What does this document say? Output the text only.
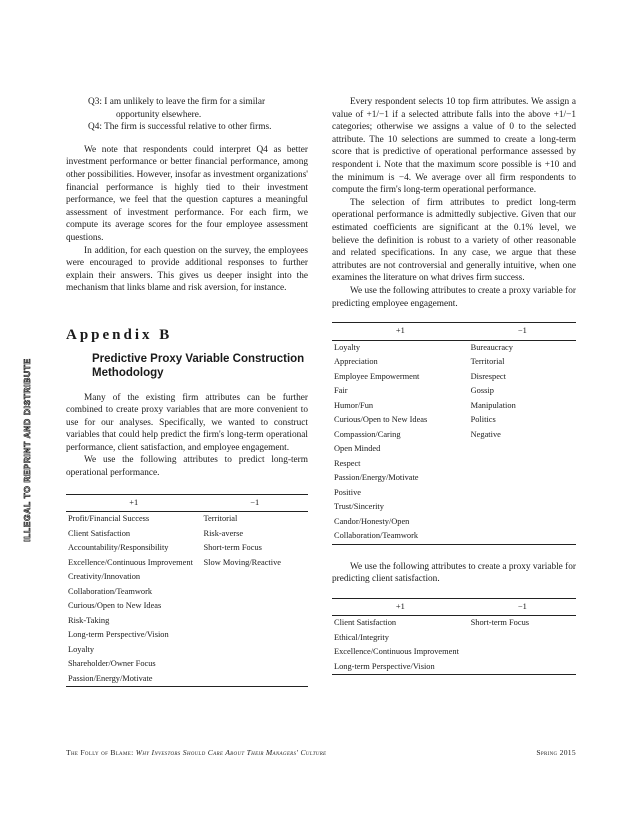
ILLEGAL TO REPRINT AND DISTRIBUTE

Q3: I am unlikely to leave the firm for a similar opportunity elsewhere.

Q4: The firm is successful relative to other firms.

We note that respondents could interpret Q4 as better investment performance or better financial performance, among other possibilities. However, insofar as investment organizations' financial performance is highly tied to their investment performance, we feel that the question captures a meaningful assessment of investment performance. For each firm, we compute its average scores for the four employee assessment questions.

In addition, for each question on the survey, the employees were encouraged to provide additional responses to further explain their answers. This gives us deeper insight into the mechanism that links blame and risk aversion, for instance.

Appendix B
Predictive Proxy Variable Construction Methodology

Many of the existing firm attributes can be further combined to create proxy variables that are more convenient to use for our analyses. Specifically, we wanted to construct variables that could help predict the firm's long-term operational performance, client satisfaction, and employee engagement.

We use the following attributes to predict long-term operational performance.

+1	−1
Profit/Financial Success	Territorial
Client Satisfaction	Risk-averse
Accountability/Responsibility	Short-term Focus
Excellence/Continuous Improvement	Slow Moving/Reactive
Creativity/Innovation	
Collaboration/Teamwork	
Curious/Open to New Ideas	
Risk-Taking	
Long-term Perspective/Vision	
Loyalty	
Shareholder/Owner Focus	
Passion/Energy/Motivate	

Every respondent selects 10 top firm attributes. We assign a value of +1/−1 if a selected attribute falls into the above +1/−1 categories; otherwise we assigns a value of 0 to the selected attribute. The 10 selections are summed to create a long-term score that is predictive of operational performance assessed by respondent i. Note that the maximum score possible is +10 and the minimum is −4. We average over all firm respondents to compute the firm's long-term operational performance.

The selection of firm attributes to predict long-term operational performance is admittedly subjective. Given that our estimated coefficients are significant at the 0.1% level, we believe the definition is robust to a variety of other reasonable and related specifications. In any case, we argue that these attributes are not controversial and generally intuitive, when one examines the literature on what drives firm success.

We use the following attributes to create a proxy variable for predicting employee engagement.

+1	−1
Loyalty	Bureaucracy
Appreciation	Territorial
Employee Empowerment	Disrespect
Fair	Gossip
Humor/Fun	Manipulation
Curious/Open to New Ideas	Politics
Compassion/Caring	Negative
Open Minded	
Respect	
Passion/Energy/Motivate	
Positive	
Trust/Sincerity	
Candor/Honesty/Open	
Collaboration/Teamwork	

We use the following attributes to create a proxy variable for predicting client satisfaction.

+1	−1
Client Satisfaction	Short-term Focus
Ethical/Integrity	
Excellence/Continuous Improvement	
Long-term Perspective/Vision	
The Folly of Blame: Why Investors Should Care About Their Managers' Culture	Spring 2015
